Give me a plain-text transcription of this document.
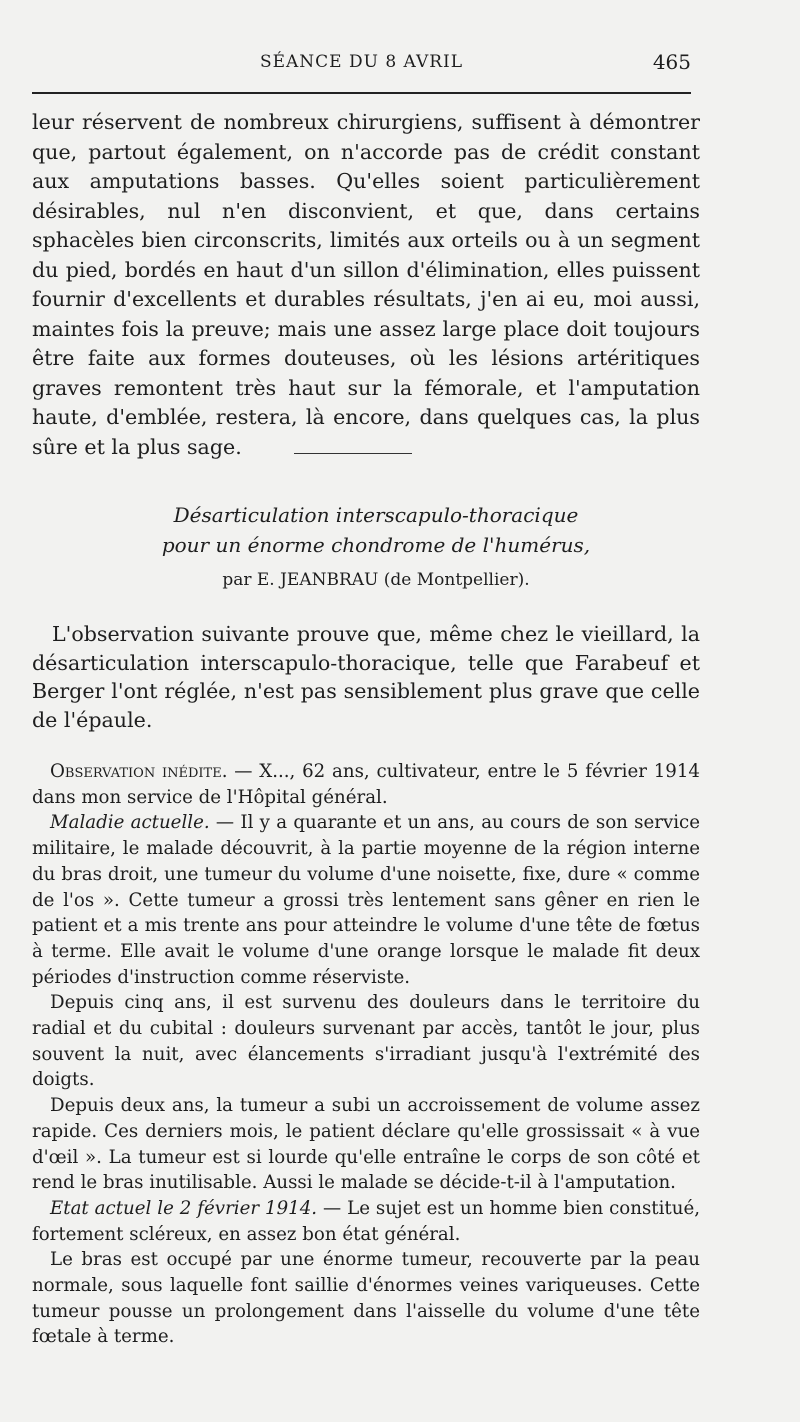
SÉANCE DU 8 AVRIL	465

leur réservent de nombreux chirurgiens, suffisent à démontrer que, partout également, on n'accorde pas de crédit constant aux amputations basses. Qu'elles soient particulièrement désirables, nul n'en disconvient, et que, dans certains sphacèles bien circonscrits, limités aux orteils ou à un segment du pied, bordés en haut d'un sillon d'élimination, elles puissent fournir d'excellents et durables résultats, j'en ai eu, moi aussi, maintes fois la preuve; mais une assez large place doit toujours être faite aux formes douteuses, où les lésions artéritiques graves remontent très haut sur la fémorale, et l'amputation haute, d'emblée, restera, là encore, dans quelques cas, la plus sûre et la plus sage.

Désarticulation interscapulo-thoracique
pour un énorme chondrome de l'humérus,
par E. JEANBRAU (de Montpellier).

L'observation suivante prouve que, même chez le vieillard, la désarticulation interscapulo-thoracique, telle que Farabeuf et Berger l'ont réglée, n'est pas sensiblement plus grave que celle de l'épaule.

Observation inédite. — X..., 62 ans, cultivateur, entre le 5 février 1914 dans mon service de l'Hôpital général.

Maladie actuelle. — Il y a quarante et un ans, au cours de son service militaire, le malade découvrit, à la partie moyenne de la région interne du bras droit, une tumeur du volume d'une noisette, fixe, dure « comme de l'os ». Cette tumeur a grossi très lentement sans gêner en rien le patient et a mis trente ans pour atteindre le volume d'une tête de fœtus à terme. Elle avait le volume d'une orange lorsque le malade fit deux périodes d'instruction comme réserviste.

Depuis cinq ans, il est survenu des douleurs dans le territoire du radial et du cubital : douleurs survenant par accès, tantôt le jour, plus souvent la nuit, avec élancements s'irradiant jusqu'à l'extrémité des doigts.

Depuis deux ans, la tumeur a subi un accroissement de volume assez rapide. Ces derniers mois, le patient déclare qu'elle grossissait « à vue d'œil ». La tumeur est si lourde qu'elle entraîne le corps de son côté et rend le bras inutilisable. Aussi le malade se décide-t-il à l'amputation.

Etat actuel le 2 février 1914. — Le sujet est un homme bien constitué, fortement scléreux, en assez bon état général.

Le bras est occupé par une énorme tumeur, recouverte par la peau normale, sous laquelle font saillie d'énormes veines variqueuses. Cette tumeur pousse un prolongement dans l'aisselle du volume d'une tête fœtale à terme.
